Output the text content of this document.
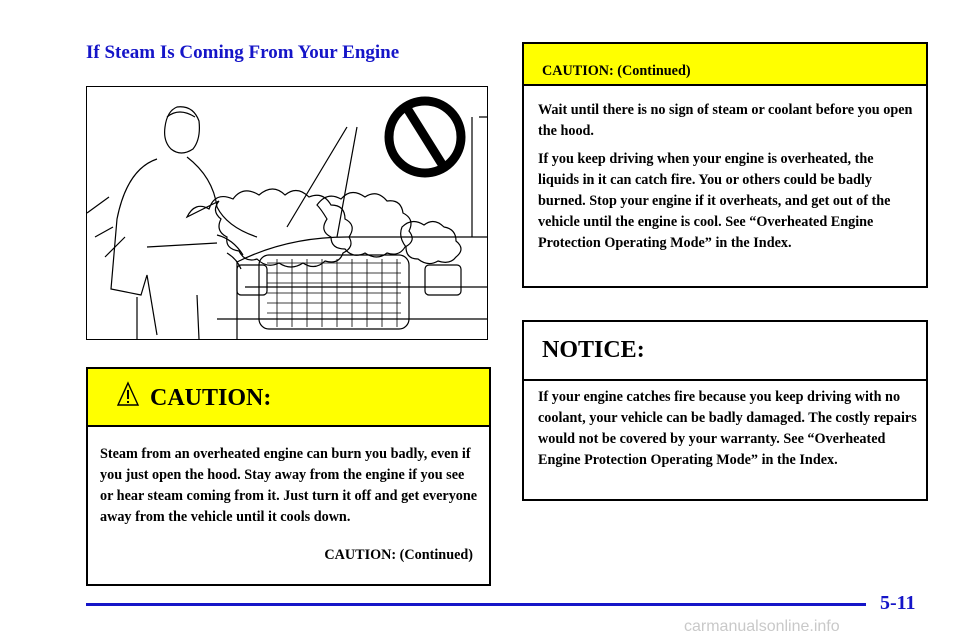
If Steam Is Coming From Your Engine
CAUTION:
Steam from an overheated engine can burn you badly, even if you just open the hood. Stay away from the engine if you see or hear steam coming from it. Just turn it off and get everyone away from the vehicle until it cools down.
CAUTION: (Continued)
CAUTION: (Continued)

Wait until there is no sign of steam or coolant before you open the hood.

If you keep driving when your engine is overheated, the liquids in it can catch fire. You or others could be badly burned. Stop your engine if it overheats, and get out of the vehicle until the engine is cool. See “Overheated Engine Protection Operating Mode” in the Index.

NOTICE:
If your engine catches fire because you keep driving with no coolant, your vehicle can be badly damaged. The costly repairs would not be covered by your warranty. See “Overheated Engine Protection Operating Mode” in the Index.
5-11
carmanualsonline.info
